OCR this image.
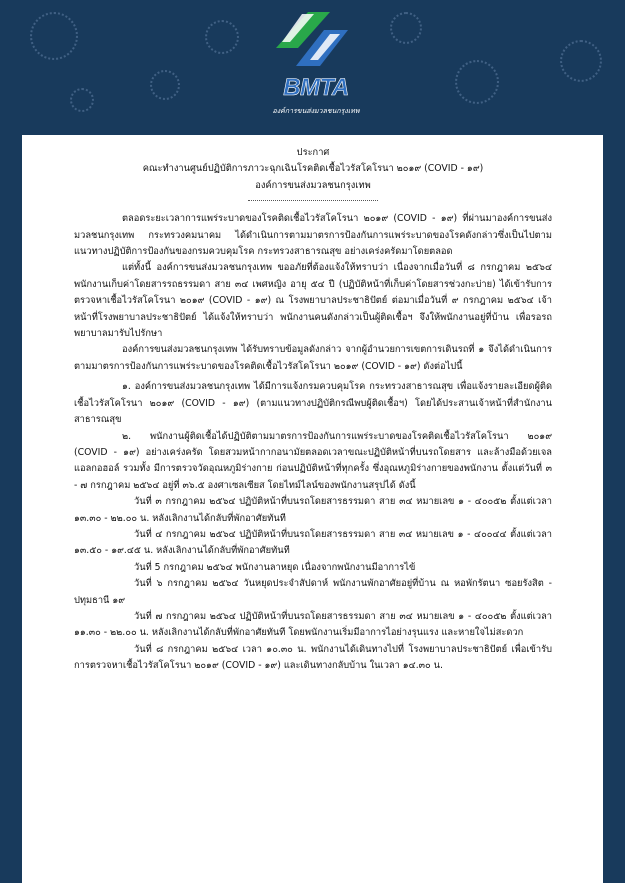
BMTA
องค์การขนส่งมวลชนกรุงเทพ

ประกาศ

คณะทำงานศูนย์ปฏิบัติการภาวะฉุกเฉินโรคติดเชื้อไวรัสโคโรนา ๒๐๑๙ (COVID - ๑๙)

องค์การขนส่งมวลชนกรุงเทพ

ตลอดระยะเวลาการแพร่ระบาดของโรคติดเชื้อไวรัสโคโรนา ๒๐๑๙ (COVID - ๑๙) ที่ผ่านมาองค์การขนส่งมวลชนกรุงเทพ กระทรวงคมนาคม ได้ดำเนินการตามมาตรการป้องกันการแพร่ระบาดของโรคดังกล่าวซึ่งเป็นไปตามแนวทางปฏิบัติการป้องกันของกรมควบคุมโรค กระทรวงสาธารณสุข อย่างเคร่งครัดมาโดยตลอด

แต่ทั้งนี้ องค์การขนส่งมวลชนกรุงเทพ ขออภัยที่ต้องแจ้งให้ทราบว่า เนื่องจากเมื่อวันที่ ๘ กรกฎาคม ๒๕๖๔ พนักงานเก็บค่าโดยสารรถธรรมดา สาย ๓๔ เพศหญิง อายุ ๕๔ ปี (ปฏิบัติหน้าที่เก็บค่าโดยสารช่วงกะบ่าย) ได้เข้ารับการตรวจหาเชื้อไวรัสโคโรนา ๒๐๑๙ (COVID - ๑๙) ณ โรงพยาบาลประชาธิปัตย์ ต่อมาเมื่อวันที่ ๙ กรกฎาคม ๒๕๖๔ เจ้าหน้าที่โรงพยาบาลประชาธิปัตย์ ได้แจ้งให้ทราบว่า พนักงานคนดังกล่าวเป็นผู้ติดเชื้อฯ จึงให้พนักงานอยู่ที่บ้าน เพื่อรอรถพยาบาลมารับไปรักษา

องค์การขนส่งมวลชนกรุงเทพ ได้รับทราบข้อมูลดังกล่าว จากผู้อำนวยการเขตการเดินรถที่ ๑ จึงได้ดำเนินการตามมาตรการป้องกันการแพร่ระบาดของโรคติดเชื้อไวรัสโคโรนา ๒๐๑๙ (COVID - ๑๙) ดังต่อไปนี้

๑. องค์การขนส่งมวลชนกรุงเทพ ได้มีการแจ้งกรมควบคุมโรค กระทรวงสาธารณสุข เพื่อแจ้งรายละเอียดผู้ติดเชื้อไวรัสโคโรนา ๒๐๑๙ (COVID - ๑๙) (ตามแนวทางปฏิบัติกรณีพบผู้ติดเชื้อฯ) โดยได้ประสานเจ้าหน้าที่สำนักงานสาธารณสุข

๒. พนักงานผู้ติดเชื้อได้ปฏิบัติตามมาตรการป้องกันการแพร่ระบาดของโรคติดเชื้อไวรัสโคโรนา ๒๐๑๙ (COVID - ๑๙) อย่างเคร่งครัด โดยสวมหน้ากากอนามัยตลอดเวลาขณะปฏิบัติหน้าที่บนรถโดยสาร และล้างมือด้วยเจลแอลกอฮอล์ รวมทั้ง มีการตรวจวัดอุณหภูมิร่างกาย ก่อนปฏิบัติหน้าที่ทุกครั้ง ซึ่งอุณหภูมิร่างกายของพนักงาน ตั้งแต่วันที่ ๓ - ๗ กรกฎาคม ๒๕๖๔ อยู่ที่ ๓๖.๕ องศาเซลเซียส โดยไทม์ไลน์ของพนักงานสรุปได้ ดังนี้

วันที่ ๓ กรกฎาคม ๒๕๖๔ ปฏิบัติหน้าที่บนรถโดยสารธรรมดา สาย ๓๔ หมายเลข ๑ - ๔๐๐๕๒ ตั้งแต่เวลา ๑๓.๓๐ - ๒๒.๐๐ น. หลังเลิกงานได้กลับที่พักอาศัยทันที

วันที่ ๔ กรกฎาคม ๒๕๖๔ ปฏิบัติหน้าที่บนรถโดยสารธรรมดา สาย ๓๔ หมายเลข ๑ - ๔๐๐๔๔ ตั้งแต่เวลา ๑๓.๕๐ - ๑๙.๔๕ น. หลังเลิกงานได้กลับที่พักอาศัยทันที

วันที่ 5 กรกฎาคม ๒๕๖๔ พนักงานลาหยุด เนื่องจากพนักงานมีอาการไข้

วันที่ ๖ กรกฎาคม ๒๕๖๔ วันหยุดประจำสัปดาห์ พนักงานพักอาศัยอยู่ที่บ้าน ณ หอพักรัตนา ซอยรังสิต - ปทุมธานี ๑๙

วันที่ ๗ กรกฎาคม ๒๕๖๔ ปฏิบัติหน้าที่บนรถโดยสารธรรมดา สาย ๓๔ หมายเลข ๑ - ๔๐๐๕๒ ตั้งแต่เวลา ๑๑.๓๐ - ๒๒.๐๐ น. หลังเลิกงานได้กลับที่พักอาศัยทันที โดยพนักงานเริ่มมีอาการไอย่างรุนแรง และหายใจไม่สะดวก

วันที่ ๘ กรกฎาคม ๒๕๖๔ เวลา ๑๐.๓๐ น. พนักงานได้เดินทางไปที่ โรงพยาบาลประชาธิปัตย์ เพื่อเข้ารับการตรวจหาเชื้อไวรัสโคโรนา ๒๐๑๙ (COVID - ๑๙) และเดินทางกลับบ้าน ในเวลา ๑๔.๓๐ น.
